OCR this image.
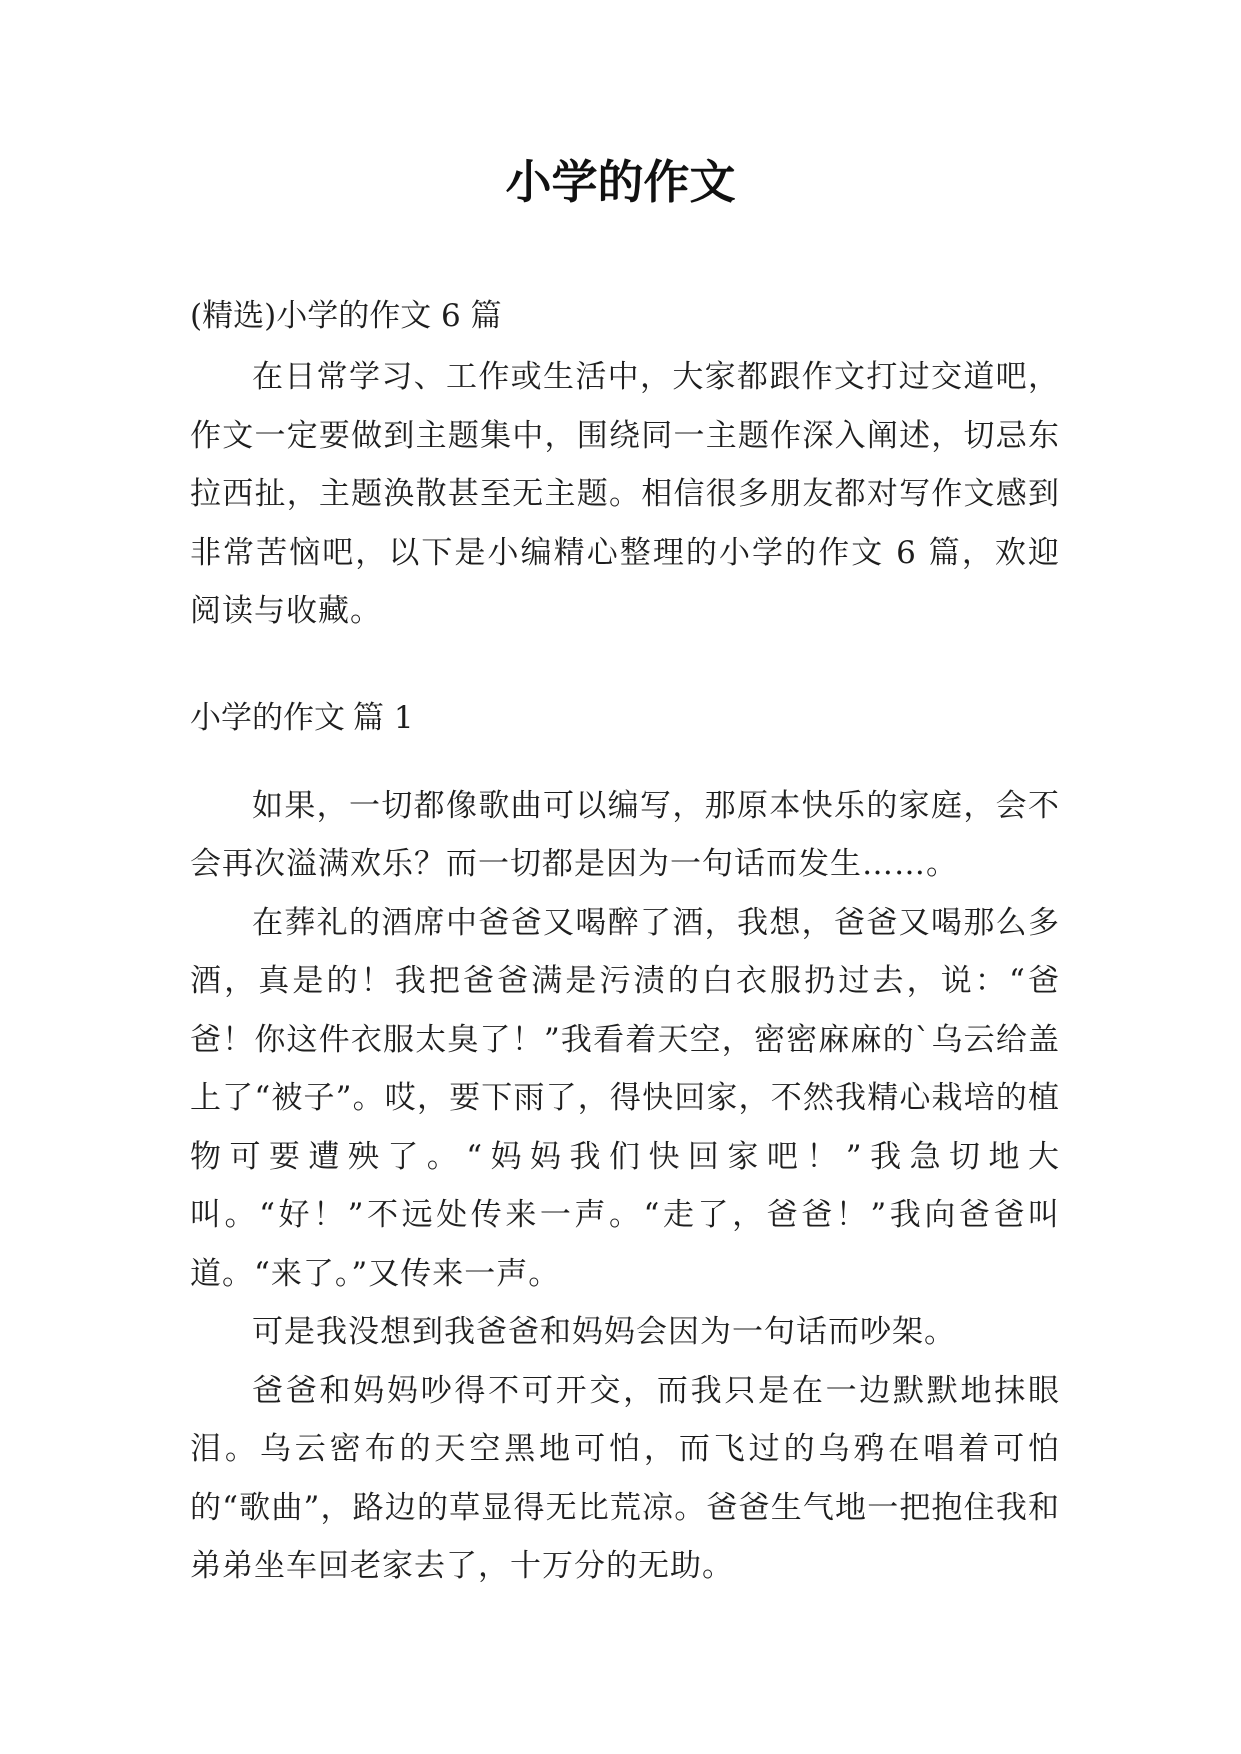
小学的作文

(精选)小学的作文 6 篇

在日常学习、工作或生活中，大家都跟作文打过交道吧，作文一定要做到主题集中，围绕同一主题作深入阐述，切忌东拉西扯，主题涣散甚至无主题。相信很多朋友都对写作文感到非常苦恼吧，以下是小编精心整理的小学的作文 6 篇，欢迎阅读与收藏。

小学的作文 篇 1

如果，一切都像歌曲可以编写，那原本快乐的家庭，会不会再次溢满欢乐？而一切都是因为一句话而发生……。

在葬礼的酒席中爸爸又喝醉了酒，我想，爸爸又喝那么多酒，真是的！我把爸爸满是污渍的白衣服扔过去，说：“爸爸！你这件衣服太臭了！”我看着天空，密密麻麻的`乌云给盖上了“被子”。哎，要下雨了，得快回家，不然我精心栽培的植物可要遭殃了。“妈妈我们快回家吧！”我急切地大叫。“好！”不远处传来一声。“走了，爸爸！”我向爸爸叫道。“来了。”又传来一声。

可是我没想到我爸爸和妈妈会因为一句话而吵架。

爸爸和妈妈吵得不可开交，而我只是在一边默默地抹眼泪。乌云密布的天空黑地可怕，而飞过的乌鸦在唱着可怕的“歌曲”，路边的草显得无比荒凉。爸爸生气地一把抱住我和弟弟坐车回老家去了，十万分的无助。
